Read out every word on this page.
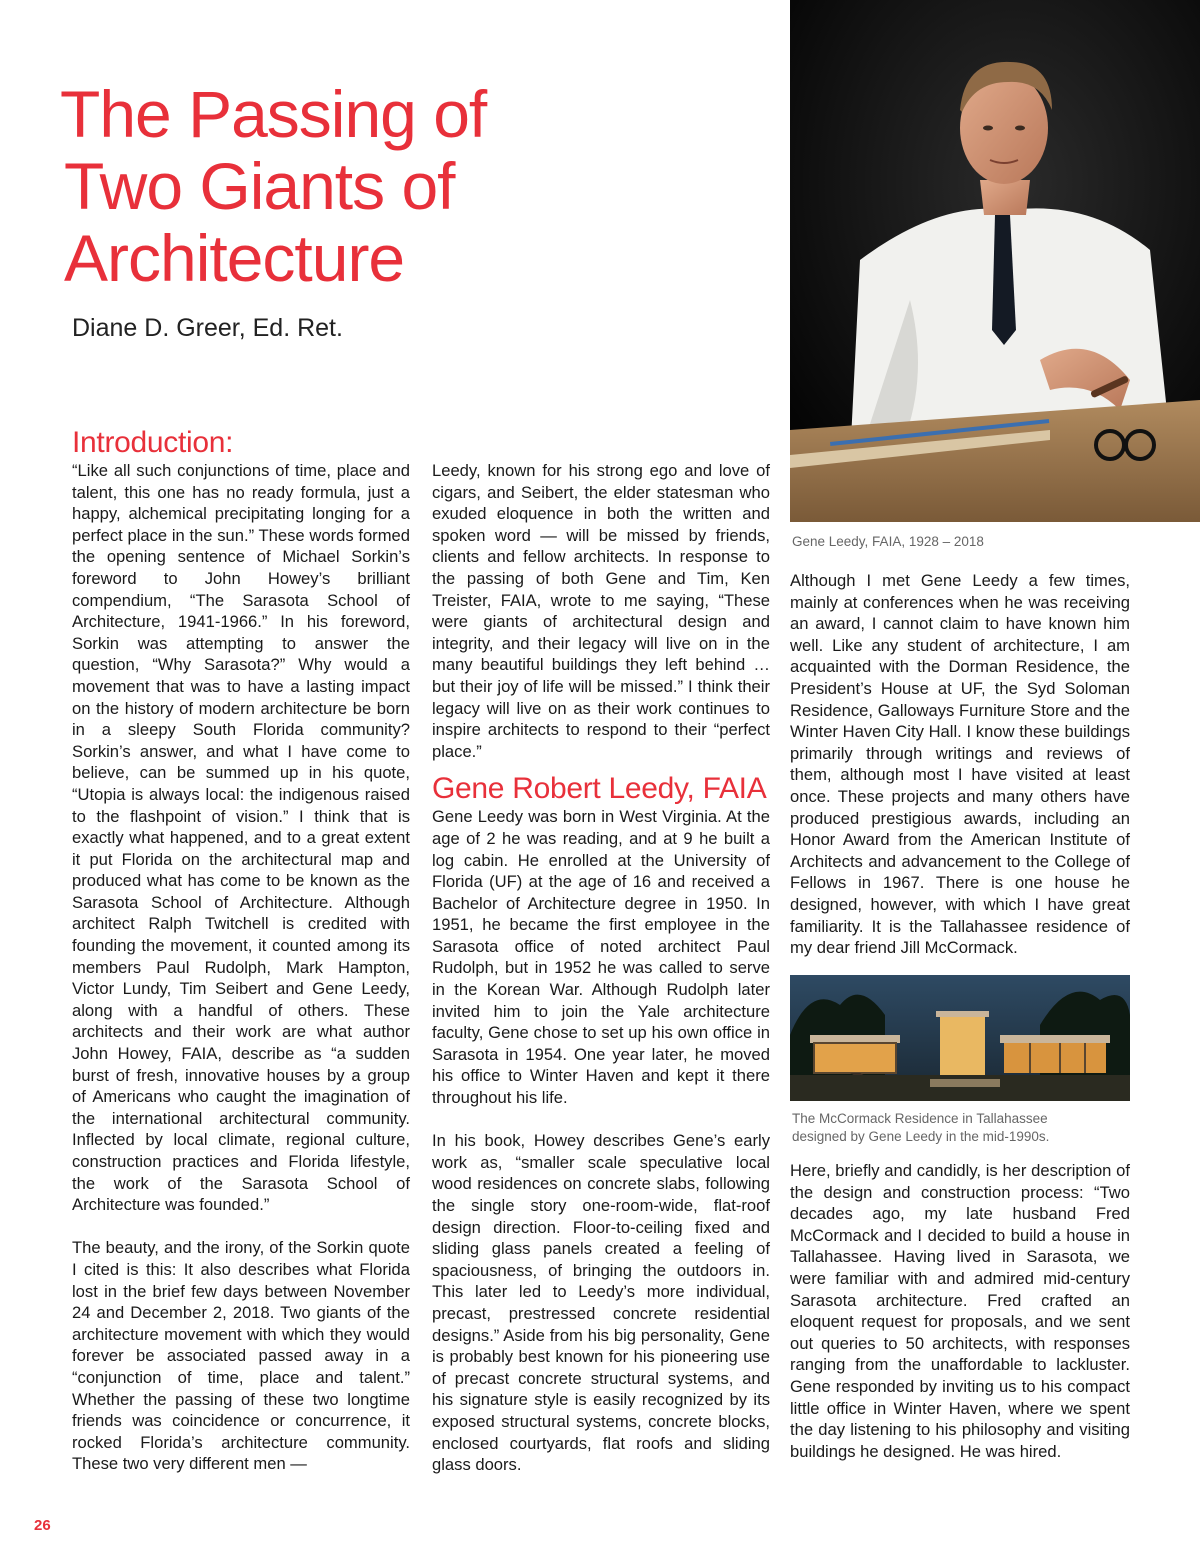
The Passing of
Two Giants of
Architecture
Diane D. Greer, Ed. Ret.
Gene Leedy, FAIA, 1928 – 2018
Introduction:

“Like all such conjunctions of time, place and talent, this one has no ready formula, just a happy, alchemical precipitating longing for a perfect place in the sun.” These words formed the opening sentence of Michael Sorkin’s foreword to John Howey’s brilliant compendium, “The Sarasota School of Architecture, 1941-1966.” In his foreword, Sorkin was attempting to answer the question, “Why Sarasota?” Why would a movement that was to have a lasting impact on the history of modern architecture be born in a sleepy South Florida community? Sorkin’s answer, and what I have come to believe, can be summed up in his quote, “Utopia is always local: the indigenous raised to the flashpoint of vision.” I think that is exactly what happened, and to a great extent it put Florida on the architectural map and produced what has come to be known as the Sarasota School of Architecture. Although architect Ralph Twitchell is credited with founding the movement, it counted among its members Paul Rudolph, Mark Hampton, Victor Lundy, Tim Seibert and Gene Leedy, along with a handful of others. These architects and their work are what author John Howey, FAIA, describe as “a sudden burst of fresh, innovative houses by a group of Americans who caught the imagination of the international architectural community. Inflected by local climate, regional culture, construction practices and Florida lifestyle, the work of the Sarasota School of Architecture was founded.”

The beauty, and the irony, of the Sorkin quote I cited is this: It also describes what Florida lost in the brief few days between November 24 and December 2, 2018. Two giants of the architecture movement with which they would forever be associated passed away in a “conjunction of time, place and talent.” Whether the passing of these two longtime friends was coincidence or concurrence, it rocked Florida’s architecture community. These two very different men —

Leedy, known for his strong ego and love of cigars, and Seibert, the elder statesman who exuded eloquence in both the written and spoken word — will be missed by friends, clients and fellow architects. In response to the passing of both Gene and Tim, Ken Treister, FAIA, wrote to me saying, “These were giants of architectural design and integrity, and their legacy will live on in the many beautiful buildings they left behind … but their joy of life will be missed.” I think their legacy will live on as their work continues to inspire architects to respond to their “perfect place.”

Gene Robert Leedy, FAIA

Gene Leedy was born in West Virginia. At the age of 2 he was reading, and at 9 he built a log cabin. He enrolled at the University of Florida (UF) at the age of 16 and received a Bachelor of Architecture degree in 1950. In 1951, he became the first employee in the Sarasota office of noted architect Paul Rudolph, but in 1952 he was called to serve in the Korean War. Although Rudolph later invited him to join the Yale architecture faculty, Gene chose to set up his own office in Sarasota in 1954. One year later, he moved his office to Winter Haven and kept it there throughout his life.

In his book, Howey describes Gene’s early work as, “smaller scale speculative local wood residences on concrete slabs, following the single story one-room-wide, flat-roof design direction. Floor-to-ceiling fixed and sliding glass panels created a feeling of spaciousness, of bringing the outdoors in. This later led to Leedy’s more individual, precast, prestressed concrete residential designs.” Aside from his big personality, Gene is probably best known for his pioneering use of precast concrete structural systems, and his signature style is easily recognized by its exposed structural systems, concrete blocks, enclosed courtyards, flat roofs and sliding glass doors.

Although I met Gene Leedy a few times, mainly at conferences when he was receiving an award, I cannot claim to have known him well. Like any student of architecture, I am acquainted with the Dorman Residence, the President’s House at UF, the Syd Soloman Residence, Galloways Furniture Store and the Winter Haven City Hall. I know these buildings primarily through writings and reviews of them, although most I have visited at least once. These projects and many others have produced prestigious awards, including an Honor Award from the American Institute of Architects and advancement to the College of Fellows in 1967. There is one house he designed, however, with which I have great familiarity. It is the Tallahassee residence of my dear friend Jill McCormack.

The McCormack Residence in Tallahassee
designed by Gene Leedy in the mid-1990s.

Here, briefly and candidly, is her description of the design and construction process: “Two decades ago, my late husband Fred McCormack and I decided to build a house in Tallahassee. Having lived in Sarasota, we were familiar with and admired mid-century Sarasota architecture. Fred crafted an eloquent request for proposals, and we sent out queries to 50 architects, with responses ranging from the unaffordable to lackluster. Gene responded by inviting us to his compact little office in Winter Haven, where we spent the day listening to his philosophy and visiting buildings he designed. He was hired.

26
